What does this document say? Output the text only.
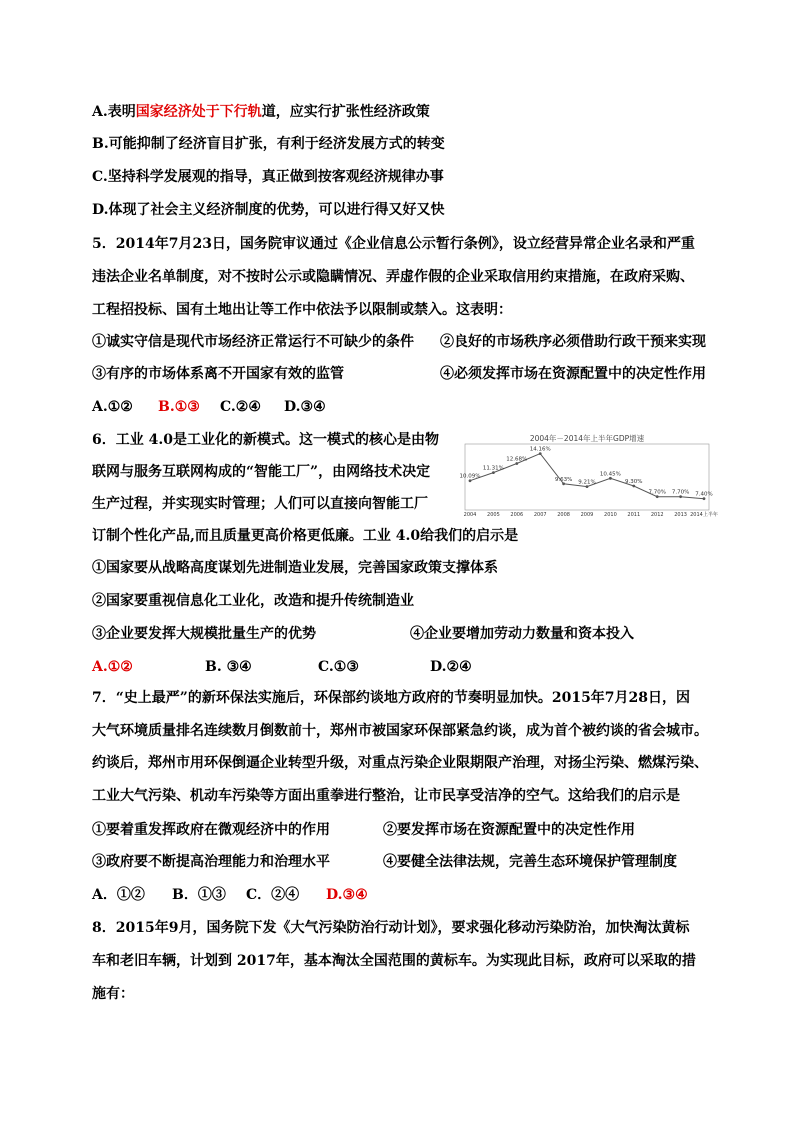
A.表明国家经济处于下行轨道，应实行扩张性经济政策
B.可能抑制了经济盲目扩张，有利于经济发展方式的转变
C.坚持科学发展观的指导，真正做到按客观经济规律办事
D.体现了社会主义经济制度的优势，可以进行得又好又快
5．2014年7月23日，国务院审议通过《企业信息公示暂行条例》，设立经营异常企业名录和严重
违法企业名单制度，对不按时公示或隐瞒情况、弄虚作假的企业采取信用约束措施，在政府采购、
工程招投标、国有土地出让等工作中依法予以限制或禁入。这表明：
①诚实守信是现代市场经济正常运行不可缺少的条件 ②良好的市场秩序必须借助行政干预来实现
③有序的市场体系离不开国家有效的监管	④必须发挥市场在资源配置中的决定性作用
A.①② B.①③ C.②④ D.③④
6．工业 4.0是工业化的新模式。这一模式的核心是由物
联网与服务互联网构成的“智能工厂”，由网络技术决定
生产过程，并实现实时管理；人们可以直接向智能工厂
订制个性化产品,而且质量更高价格更低廉。工业 4.0给我们的启示是
①国家要从战略高度谋划先进制造业发展，完善国家政策支撑体系
②国家要重视信息化工业化，改造和提升传统制造业
③企业要发挥大规模批量生产的优势	④企业要增加劳动力数量和资本投入
A.①②	B. ③④	C.①③	D.②④
2004年－2014年上半年GDP增速
10.09%
11.31%
12.68%
14.16%
9.63% 9.21%
10.45%
9.30%
7.70% 7.70% 7.40%
2004 2005 2006 2007 2008 2009 2010 2011 2012 2013 2014上半年
7．“史上最严”的新环保法实施后，环保部约谈地方政府的节奏明显加快。2015年7月28日，因
大气环境质量排名连续数月倒数前十，郑州市被国家环保部紧急约谈，成为首个被约谈的省会城市。
约谈后，郑州市用环保倒逼企业转型升级，对重点污染企业限期限产治理，对扬尘污染、燃煤污染、
工业大气污染、机动车污染等方面出重拳进行整治，让市民享受洁净的空气。这给我们的启示是
①要着重发挥政府在微观经济中的作用	②要发挥市场在资源配置中的决定性作用
③政府要不断提高治理能力和治理水平	④要健全法律法规，完善生态环境保护管理制度
A．①② B．①③ C．②④ D.③④
8．2015年9月，国务院下发《大气污染防治行动计划》，要求强化移动污染防治，加快淘汰黄标
车和老旧车辆，计划到 2017年，基本淘汰全国范围的黄标车。为实现此目标，政府可以采取的措
施有：
